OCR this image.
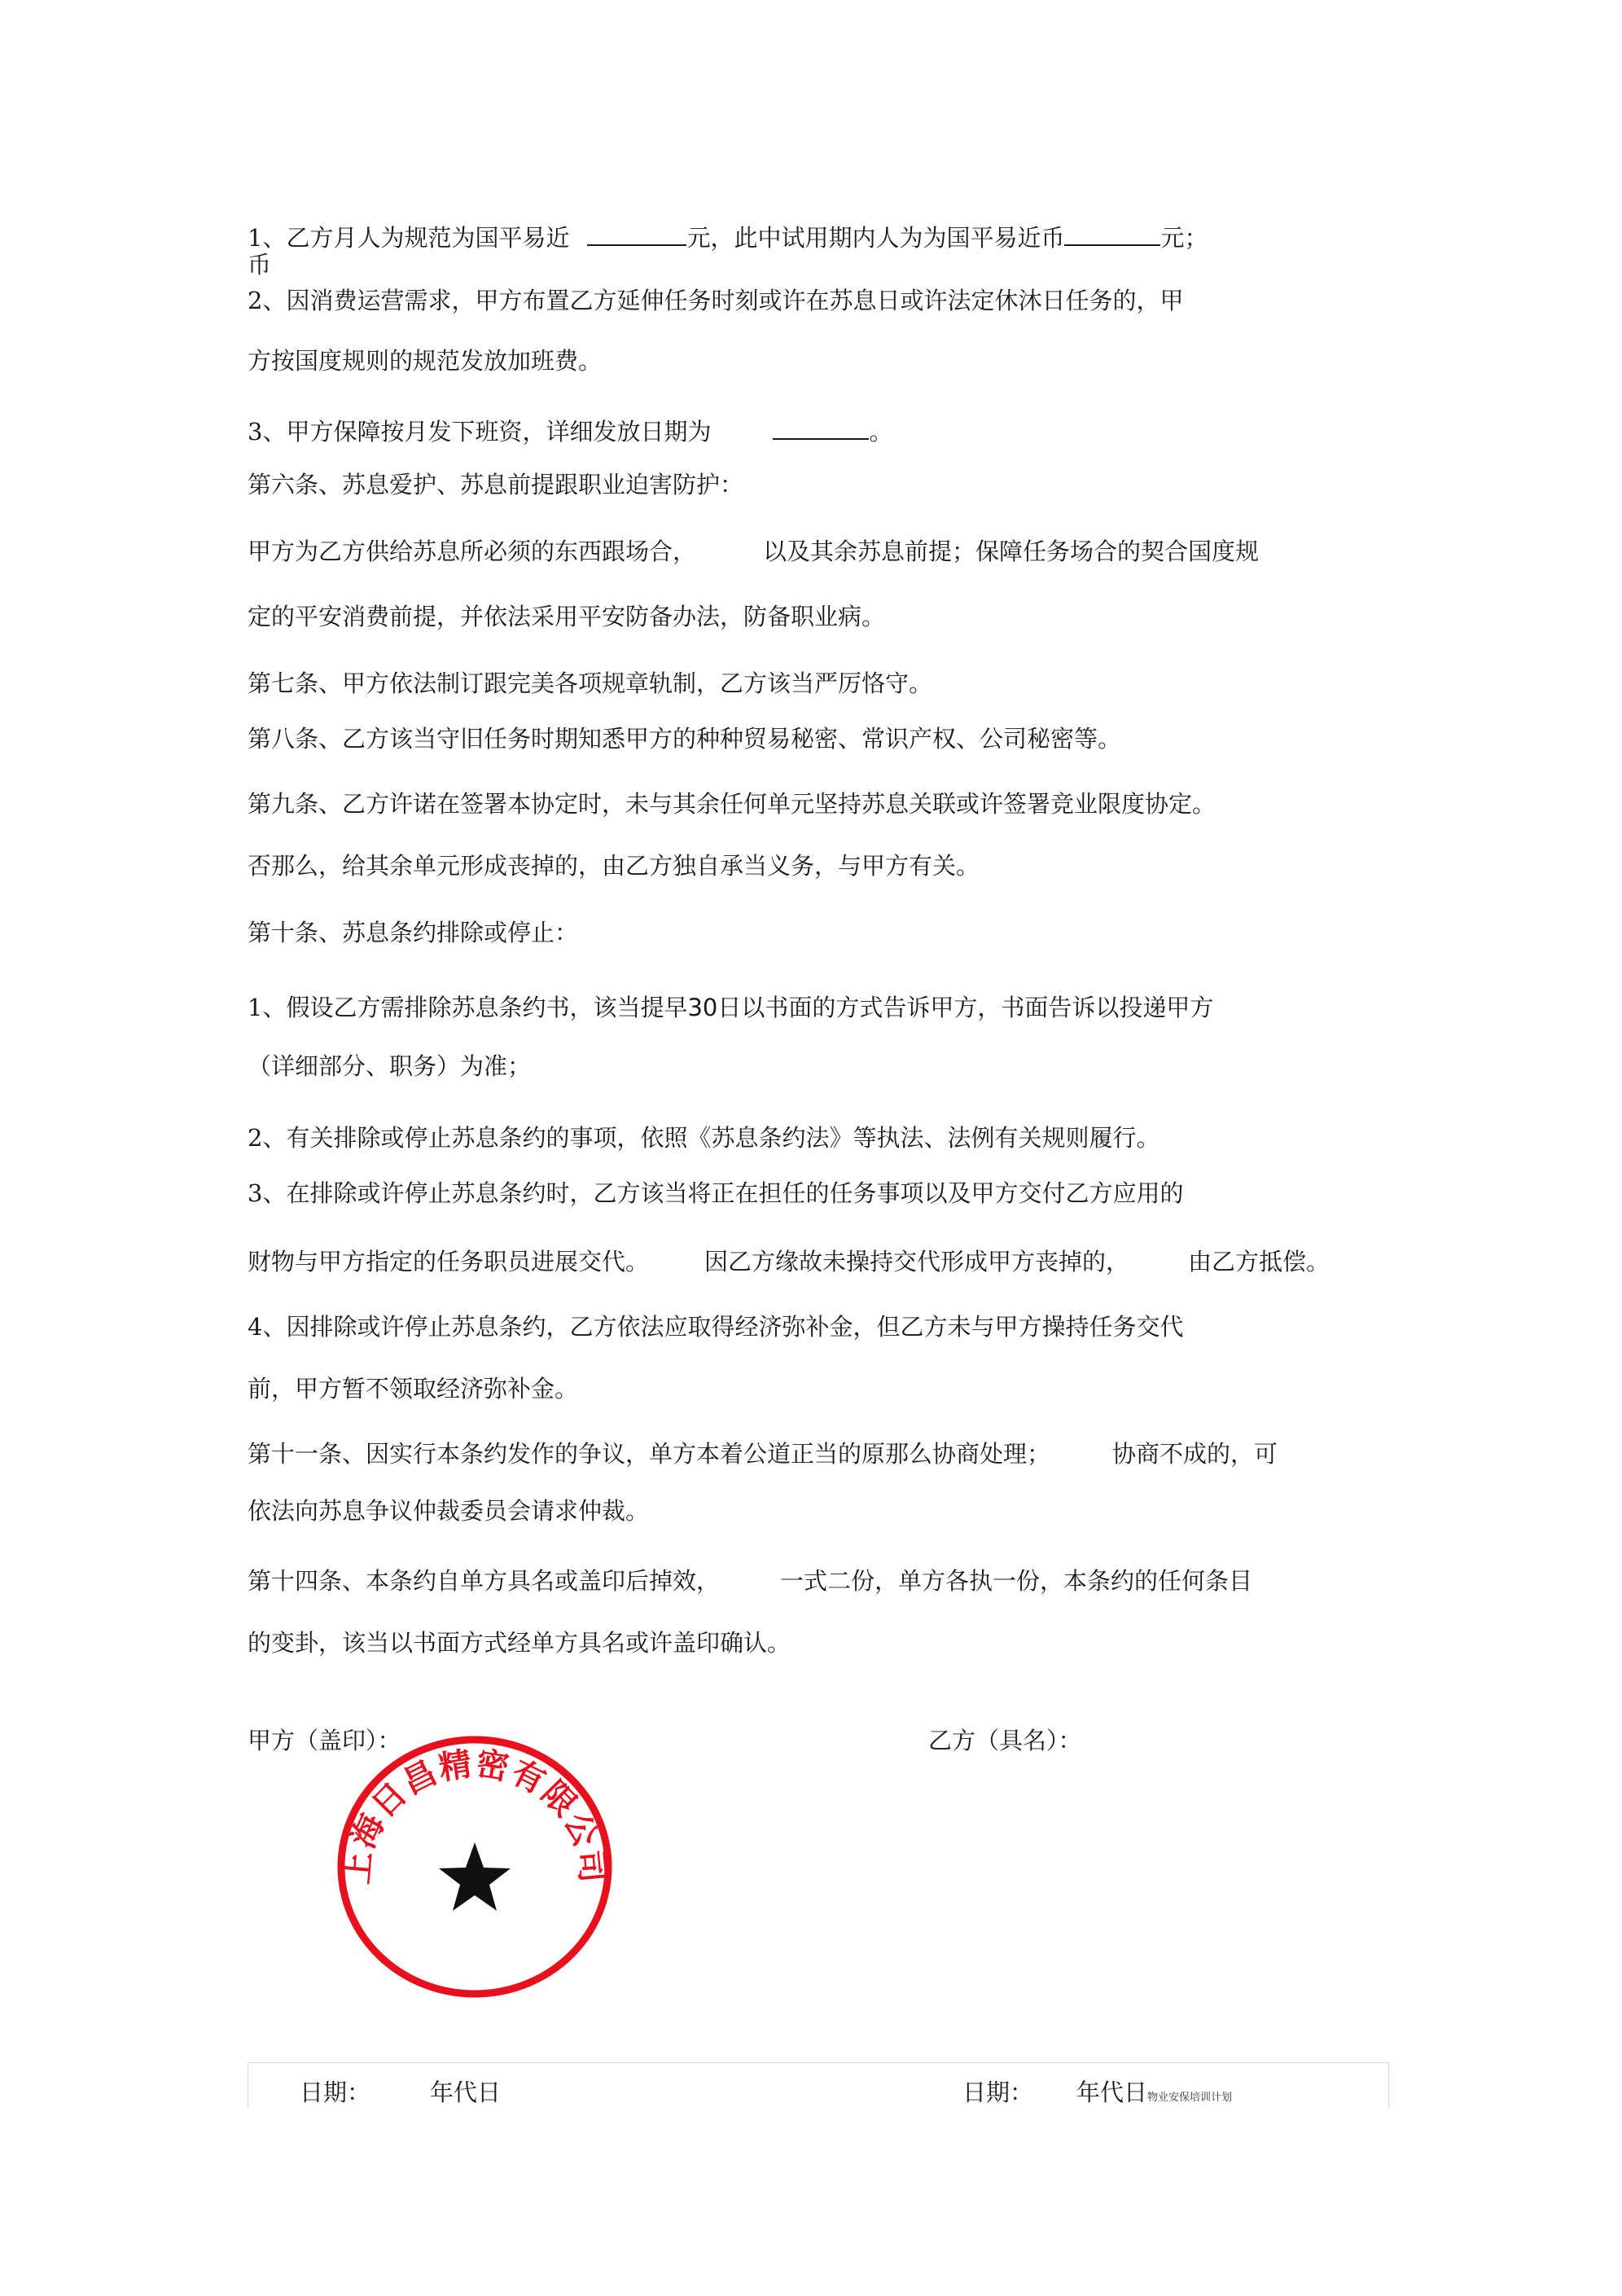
1、乙方月人为规范为国平易近	元，此中试用期内人为为国平易近币	元；
币
2、因消费运营需求，甲方布置乙方延伸任务时刻或许在苏息日或许法定休沐日任务的，甲
方按国度规则的规范发放加班费。
3、甲方保障按月发下班资，详细发放日期为	。
第六条、苏息爱护、苏息前提跟职业迫害防护：
甲方为乙方供给苏息所必须的东西跟场合，	以及其余苏息前提；保障任务场合的契合国度规
定的平安消费前提，并依法采用平安防备办法，防备职业病。
第七条、甲方依法制订跟完美各项规章轨制，乙方该当严厉恪守。
第八条、乙方该当守旧任务时期知悉甲方的种种贸易秘密、常识产权、公司秘密等。
第九条、乙方许诺在签署本协定时，未与其余任何单元坚持苏息关联或许签署竞业限度协定。
否那么，给其余单元形成丧掉的，由乙方独自承当义务，与甲方有关。
第十条、苏息条约排除或停止：
1、假设乙方需排除苏息条约书，该当提早30日以书面的方式告诉甲方，书面告诉以投递甲方
（详细部分、职务）为准；
2、有关排除或停止苏息条约的事项，依照《苏息条约法》等执法、法例有关规则履行。
3、在排除或许停止苏息条约时，乙方该当将正在担任的任务事项以及甲方交付乙方应用的
财物与甲方指定的任务职员进展交代。 因乙方缘故未操持交代形成甲方丧掉的， 由乙方抵偿。
4、因排除或许停止苏息条约，乙方依法应取得经济弥补金，但乙方未与甲方操持任务交代
前，甲方暂不领取经济弥补金。
第十一条、因实行本条约发作的争议，单方本着公道正当的原那么协商处理；	协商不成的，可
依法向苏息争议仲裁委员会请求仲裁。
第十四条、本条约自单方具名或盖印后掉效，	一式二份，单方各执一份，本条约的任何条目
的变卦，该当以书面方式经单方具名或许盖印确认。
甲方（盖印）：	乙方（具名）：
上海日昌精密有限公司
日期：	年代日	日期： 年代日物业安保培训计划
